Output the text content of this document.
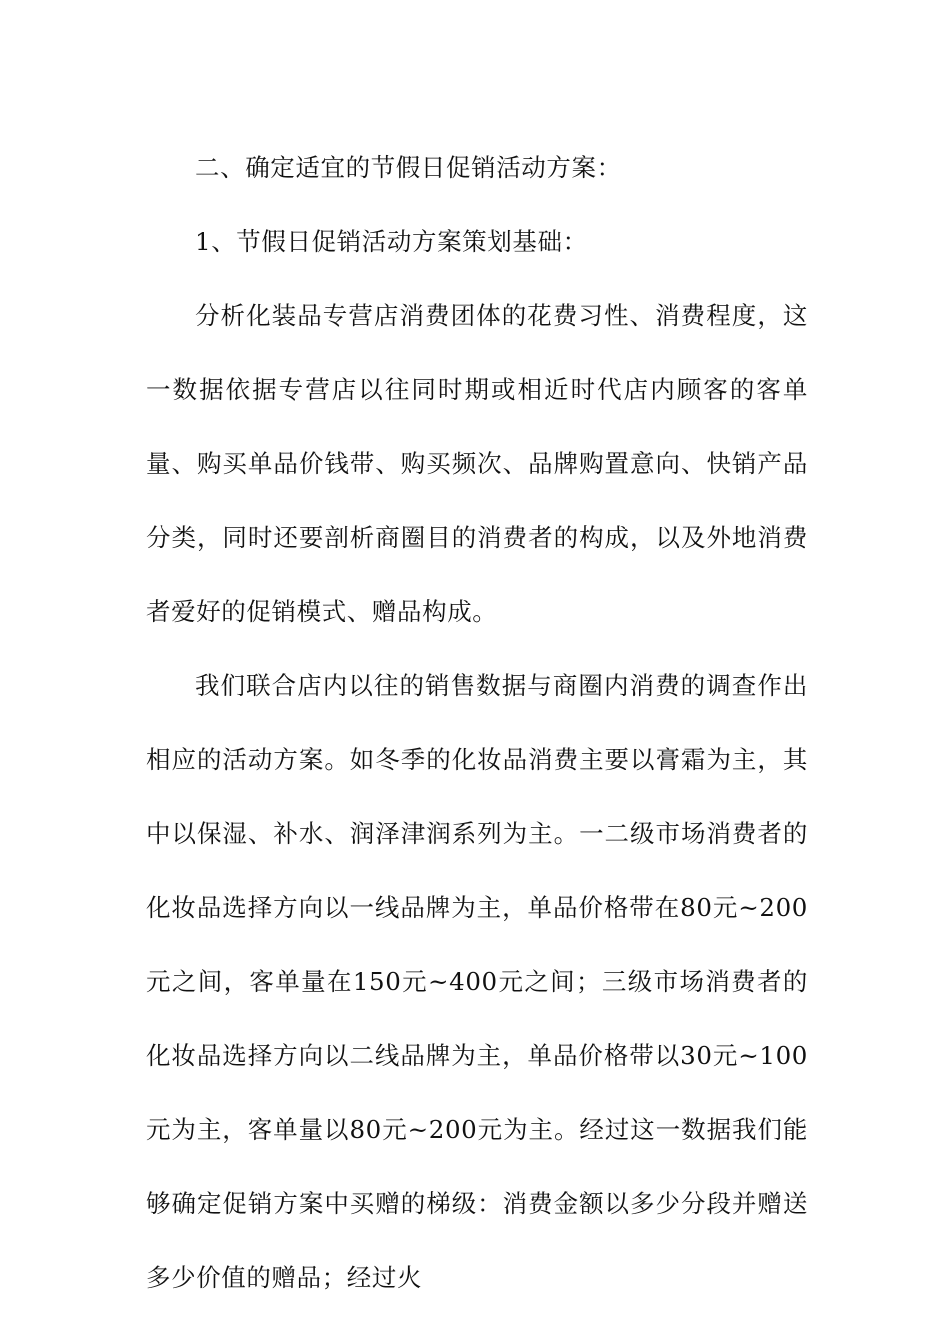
二、确定适宜的节假日促销活动方案：

1、节假日促销活动方案策划基础：

分析化装品专营店消费团体的花费习性、消费程度，这一数据依据专营店以往同时期或相近时代店内顾客的客单量、购买单品价钱带、购买频次、品牌购置意向、快销产品分类，同时还要剖析商圈目的消费者的构成，以及外地消费者爱好的促销模式、赠品构成。

我们联合店内以往的销售数据与商圈内消费的调查作出相应的活动方案。如冬季的化妆品消费主要以膏霜为主，其中以保湿、补水、润泽津润系列为主。一二级市场消费者的化妆品选择方向以一线品牌为主，单品价格带在80元~200元之间，客单量在150元~400元之间；三级市场消费者的化妆品选择方向以二线品牌为主，单品价格带以30元~100元为主，客单量以80元~200元为主。经过这一数据我们能够确定促销方案中买赠的梯级：消费金额以多少分段并赠送多少价值的赠品；经过火
